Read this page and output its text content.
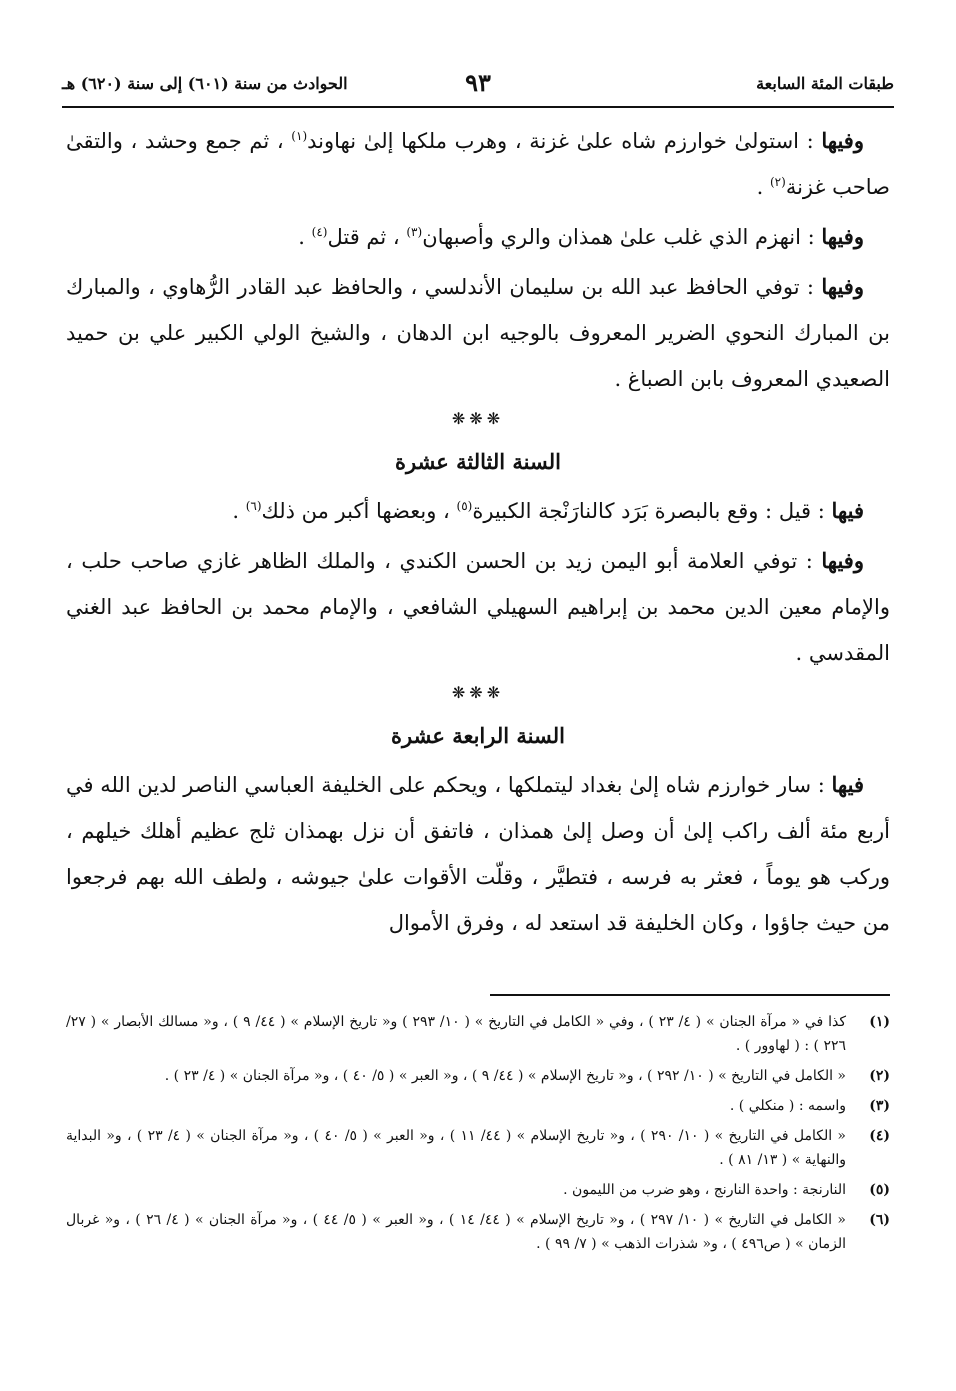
طبقات المئة السابعة
٩٣
الحوادث من سنة (٦٠١) إلى سنة (٦٢٠) هـ

وفيها : استولىٰ خوارزم شاه علىٰ غزنة ، وهرب ملكها إلىٰ نهاوند$^{(١)}$ ، ثم جمع وحشد ، والتقىٰ صاحب غزنة$^{(٢)}$ .

وفيها : انهزم الذي غلب علىٰ همذان والري وأصبهان$^{(٣)}$ ، ثم قتل$^{(٤)}$ .

وفيها : توفي الحافظ عبد الله بن سليمان الأندلسي ، والحافظ عبد القادر الرُّهاوي ، والمبارك بن المبارك النحوي الضرير المعروف بالوجيه ابن الدهان ، والشيخ الولي الكبير علي بن حميد الصعيدي المعروف بابن الصباغ .

❋❋❋
السنة الثالثة عشرة

فيها : قيل : وقع بالبصرة بَرَد كالنارَنْجة الكبيرة$^{(٥)}$ ، وبعضها أكبر من ذلك$^{(٦)}$ .

وفيها : توفي العلامة أبو اليمن زيد بن الحسن الكندي ، والملك الظاهر غازي صاحب حلب ، والإمام معين الدين محمد بن إبراهيم السهيلي الشافعي ، والإمام محمد بن الحافظ عبد الغني المقدسي .

❋❋❋
السنة الرابعة عشرة

فيها : سار خوارزم شاه إلىٰ بغداد ليتملكها ، ويحكم على الخليفة العباسي الناصر لدين الله في أربع مئة ألف راكب إلىٰ أن وصل إلىٰ همذان ، فاتفق أن نزل بهمذان ثلج عظيم أهلك خيلهم ، وركب هو يوماً ، فعثر به فرسه ، فتطيَّر ، وقلّت الأقوات علىٰ جيوشه ، ولطف الله بهم فرجعوا من حيث جاؤوا ، وكان الخليفة قد استعد له ، وفرق الأموال

(١)
كذا في « مرآة الجنان » ( ٤/ ٢٣ ) ، وفي « الكامل في التاريخ » ( ١٠/ ٢٩٣ ) و« تاريخ الإسلام » ( ٤٤/ ٩ ) ، و« مسالك الأبصار » ( ٢٧/ ٢٢٦ ) : ( لهاوور ) .
(٢)
« الكامل في التاريخ » ( ١٠/ ٢٩٢ ) ، و« تاريخ الإسلام » ( ٤٤/ ٩ ) ، و« العبر » ( ٥/ ٤٠ ) ، و« مرآة الجنان » ( ٤/ ٢٣ ) .
(٣)
واسمه : ( منكلي ) .
(٤)
« الكامل في التاريخ » ( ١٠/ ٢٩٠ ) ، و« تاريخ الإسلام » ( ٤٤/ ١١ ) ، و« العبر » ( ٥/ ٤٠ ) ، و« مرآة الجنان » ( ٤/ ٢٣ ) ، و« البداية والنهاية » ( ١٣/ ٨١ ) .
(٥)
النارنجة : واحدة النارنج ، وهو ضرب من الليمون .
(٦)
« الكامل في التاريخ » ( ١٠/ ٢٩٧ ) ، و« تاريخ الإسلام » ( ٤٤/ ١٤ ) ، و« العبر » ( ٥/ ٤٤ ) ، و« مرآة الجنان » ( ٤/ ٢٦ ) ، و« غربال الزمان » ( ص٤٩٦ ) ، و« شذرات الذهب » ( ٧/ ٩٩ ) .
